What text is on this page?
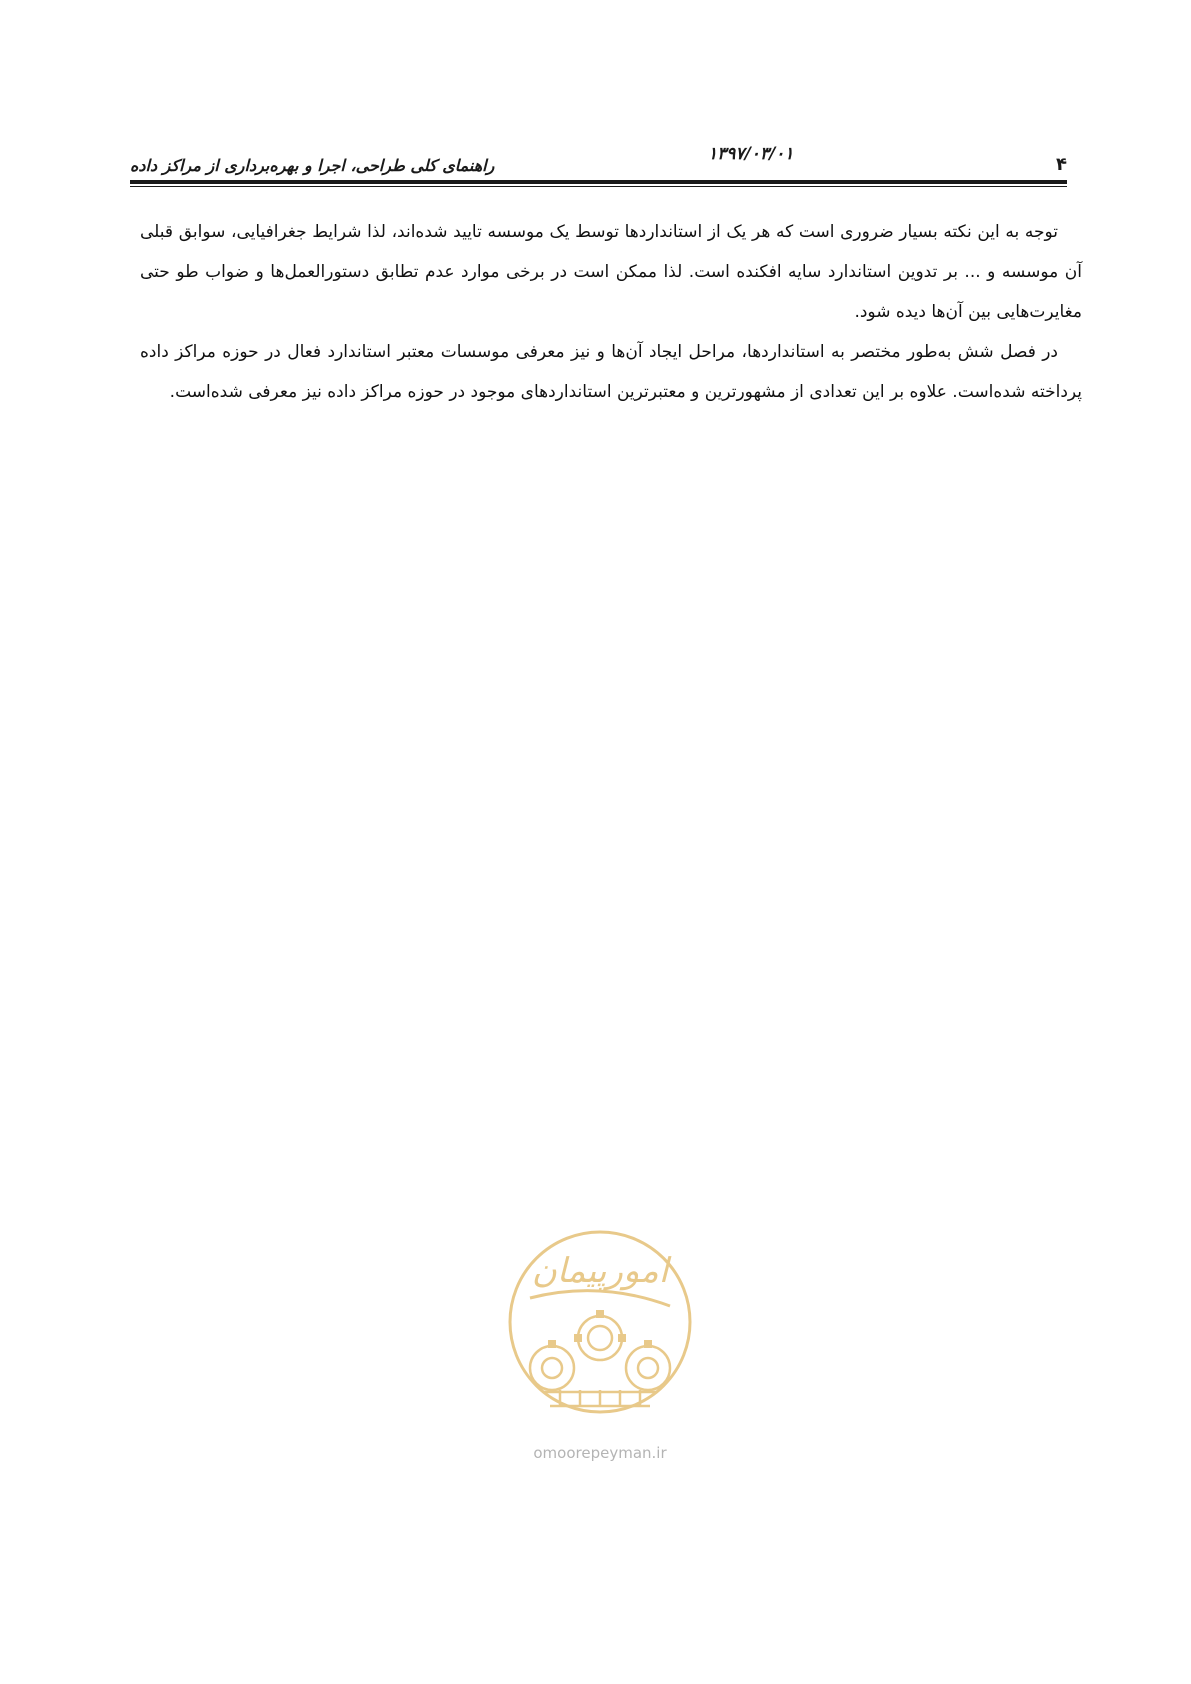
۱۳۹۷/۰۳/۰۱
راهنمای کلی طراحی، اجرا و بهره‌برداری از مراکز داده	۴

توجه به این نکته بسیار ضروری است که هر یک از استانداردها توسط یک موسسه تایید شده‌اند، لذا شرایط جغرافیایی، سوابق قبلی آن موسسه و ... بر تدوین استاندارد سایه افکنده است. لذا ممکن است در برخی موارد عدم تطابق دستورالعمل‌ها و ضواب طو حتی مغایرت‌هایی بین آن‌ها دیده شود.

در فصل شش به‌طور مختصر به استانداردها، مراحل ایجاد آن‌ها و نیز معرفی موسسات معتبر استاندارد فعال در حوزه مراکز داده پرداخته شده‌است. علاوه بر این تعدادی از مشهورترین و معتبرترین استانداردهای موجود در حوزه مراکز داده نیز معرفی شده‌است.

امورپیمان
omoorepeyman.ir
